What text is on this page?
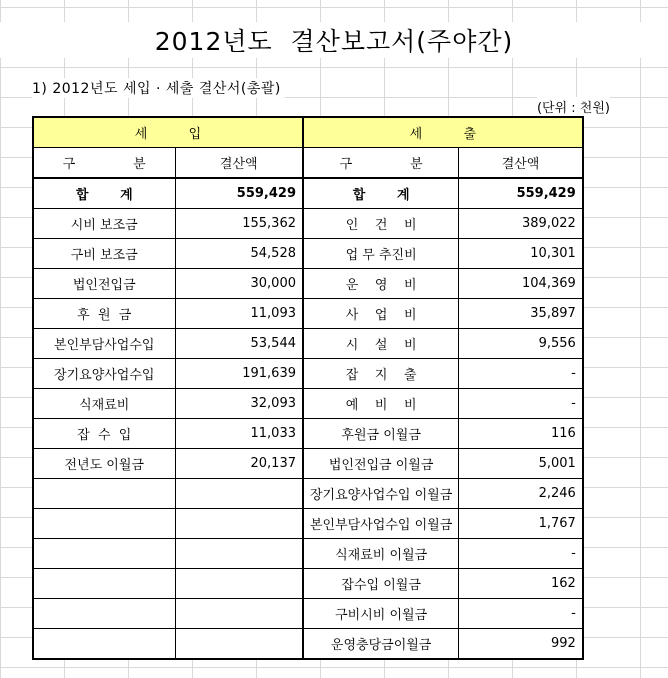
2012년도  결산보고서(주야간)
1) 2012년도 세입 · 세출 결산서(총괄)
(단위 : 천원)
세          입		세          출	
구              분	결산액	구              분	결산액
합       계	559,429	합       계	559,429
시비 보조금	155,362	인    건    비	389,022
구비 보조금	54,528	업 무 추진비	10,301
법인전입금	30,000	운    영    비	104,369
후  원  금	11,093	사    업    비	35,897
본인부담사업수입	53,544	시    설    비	9,556
장기요양사업수입	191,639	잡    지    출	-
식재료비	32,093	예    비    비	-
잡  수  입	11,033	후원금 이월금	116
전년도 이월금	20,137	법인전입금 이월금	5,001
		장기요양사업수입 이월금	2,246
		본인부담사업수입 이월금	1,767
		식재료비 이월금	-
		잡수입 이월금	162
		구비시비 이월금	-
		운영충당금이월금	992
